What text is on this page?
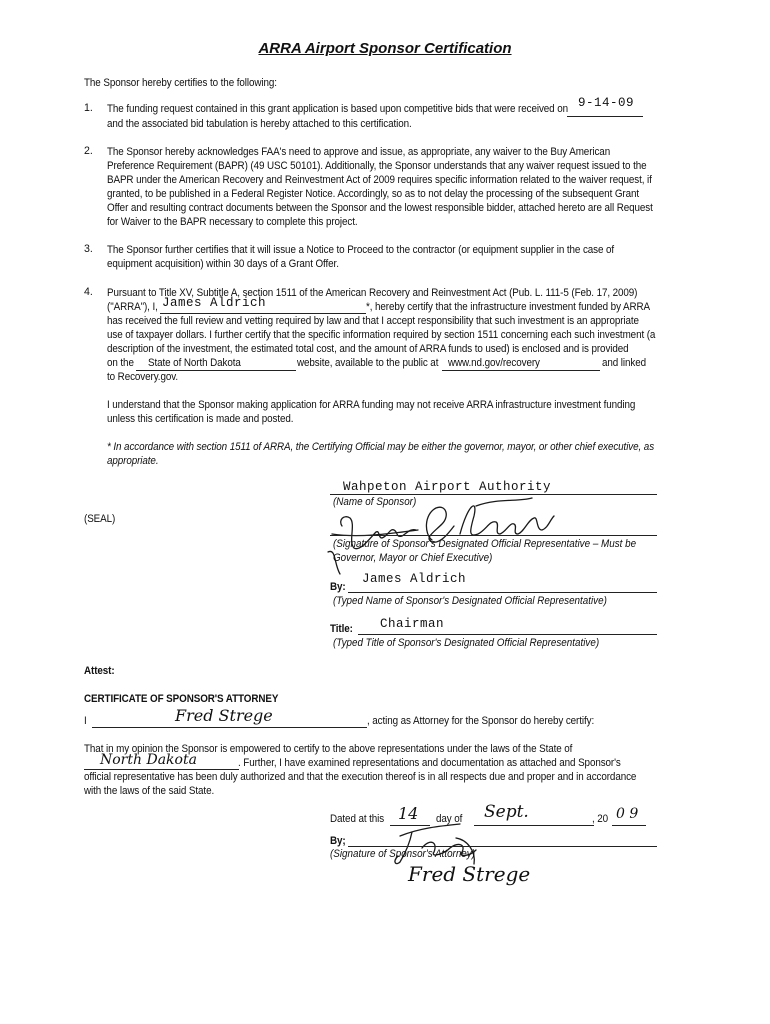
ARRA Airport Sponsor Certification
The Sponsor hereby certifies to the following:
1. The funding request contained in this grant application is based upon competitive bids that were received on 9-14-09
and the associated bid tabulation is hereby attached to this certification.
2. The Sponsor hereby acknowledges FAA's need to approve and issue, as appropriate, any waiver to the Buy American Preference Requirement (BAPR) (49 USC 50101). Additionally, the Sponsor understands that any waiver request issued to the BAPR under the American Recovery and Reinvestment Act of 2009 requires specific information related to the waiver request, if granted, to be published in a Federal Register Notice. Accordingly, so as to not delay the processing of the subsequent Grant Offer and resulting contract documents between the Sponsor and the lowest responsible bidder, attached hereto are all Request for Waiver to the BAPR necessary to complete this project.
3. The Sponsor further certifies that it will issue a Notice to Proceed to the contractor (or equipment supplier in the case of equipment acquisition) within 30 days of a Grant Offer.
4. Pursuant to Title XV, Subtitle A, section 1511 of the American Recovery and Reinvestment Act (Pub. L. 111-5 (Feb. 17, 2009)
("ARRA"), I, James Aldrich	*, hereby certify that the infrastructure investment funded by ARRA
has received the full review and vetting required by law and that I accept responsibility that such investment is an appropriate use of taxpayer dollars. I further certify that the specific information required by section 1511 concerning each such investment (a description of the investment, the estimated total cost, and the amount of ARRA funds to used) is enclosed and is provided
on the State of North Dakota	website, available to the public at www.nd.gov/recovery	and linked
to Recovery.gov.
I understand that the Sponsor making application for ARRA funding may not receive ARRA infrastructure investment funding unless this certification is made and posted.
* In accordance with section 1511 of ARRA, the Certifying Official may be either the governor, mayor, or other chief executive, as appropriate.
Wahpeton Airport Authority
(Name of Sponsor)
(SEAL)
(Signature of Sponsor's Designated Official Representative – Must be
Governor, Mayor or Chief Executive)
By:
James Aldrich
(Typed Name of Sponsor's Designated Official Representative)
Title: Chairman
(Typed Title of Sponsor's Designated Official Representative)
Attest:
CERTIFICATE OF SPONSOR'S ATTORNEY
I	Fred Strege	, acting as Attorney for the Sponsor do hereby certify:
That in my opinion the Sponsor is empowered to certify to the above representations under the laws of the State of
North Dakota	. Further, I have examined representations and documentation as attached and Sponsor's
official representative has been duly authorized and that the execution thereof is in all respects due and proper and in accordance with the laws of the said State.
Dated at this 14 day of Sept.	, 20 0 9
By;
(Signature of Sponsor's Attorney)
Fred Strege
